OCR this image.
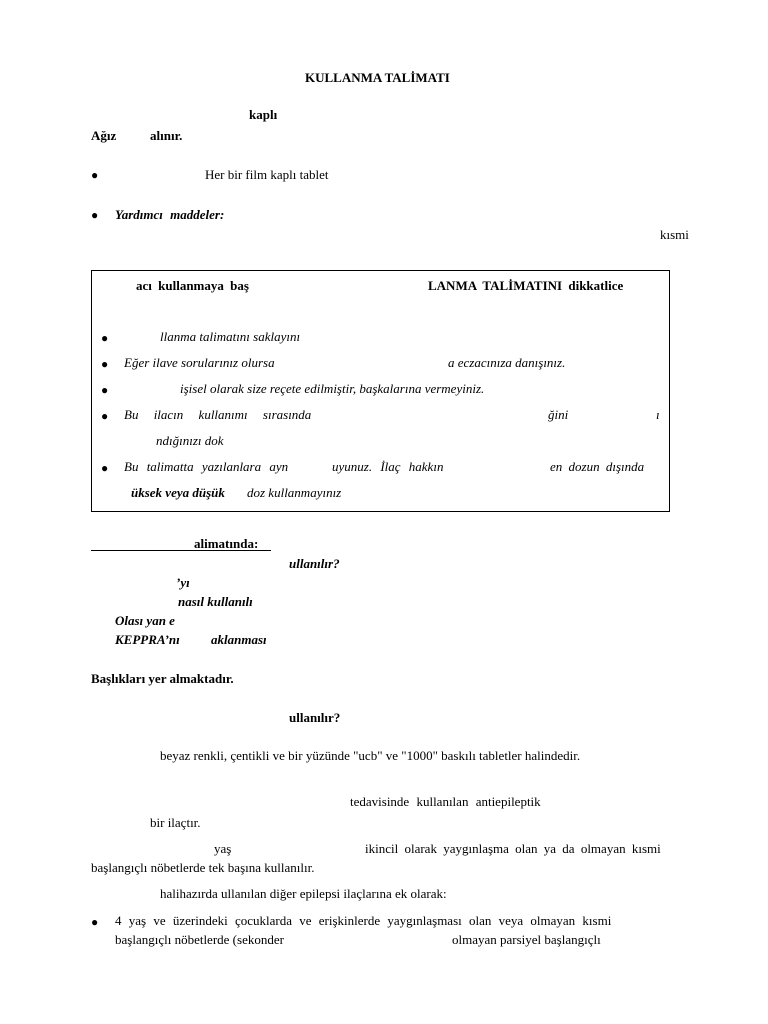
KULLANMA TALİMATI
kaplı
Ağız	alınır.
●	Her bir film kaplı tablet
● Yardımcı maddeler:
kısmi
acı kullanmaya baş	LANMA TALİMATINI dikkatlice
●	llanma talimatını saklayını
● Eğer ilave sorularınız olursa	a eczacınıza danışınız.
●	işisel olarak size reçete edilmiştir, başkalarına vermeyiniz.
● Bu ilacın kullanımı sırasında	ğini	ı
ndığınızı dok
● Bu talimatta yazılanlara ayn	uyunuz. İlaç hakkın	en dozun dışında
üksek veya düşük doz kullanmayınız
alimatında:
ullanılır?
’yı
nasıl kullanılı
Olası yan e
KEPPRA’nı aklanması
Başlıkları yer almaktadır.
ullanılır?
beyaz renkli, çentikli ve bir yüzünde "ucb" ve "1000" baskılı tabletler halindedir.
tedavisinde kullanılan antiepileptik
bir ilaçtır.
yaş	ikincil olarak yaygınlaşma olan ya da olmayan kısmi
başlangıçlı nöbetlerde tek başına kullanılır.
halihazırda ullanılan diğer epilepsi ilaçlarına ek olarak:
● 4 yaş ve üzerindeki çocuklarda ve erişkinlerde yaygınlaşması olan veya olmayan kısmi
başlangıçlı nöbetlerde (sekonder	olmayan parsiyel başlangıçlı
